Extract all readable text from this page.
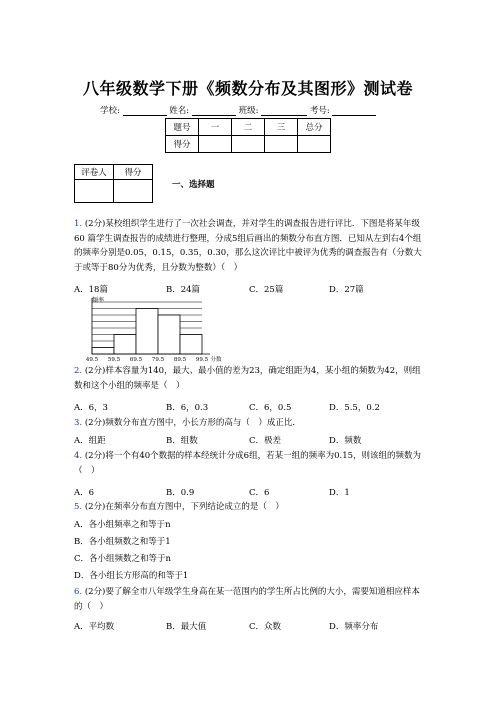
八年级数学下册《频数分布及其图形》测试卷
学校:	姓名:	班级:	考号:
题号	一	二	三	总分
得分				
评卷人	得分

一、选择题
1. (2分)某校组织学生进行了一次社会调查，并对学生的调查报告进行评比．下图是将某年级60 篇学生调查报告的成绩进行整理，分成5组后画出的频数分布直方图．已知从左到右4个组的频率分别是0.05，0.15，0.35，0.30，那么这次评比中被评为优秀的调查报告有（分数大于或等于80分为优秀，且分数为整数）（　）
A．18篇	B．24篇	C．25篇	D．27篇
频率
49.5 59.5 69.5 79.5 89.5 99.5 分数
2. (2分)样本容量为140，最大、最小值的差为23，确定组距为4，某小组的频数为42，则组数和这个小组的频率是（　）
A．6，3	B．6，0.3	C．6，0.5	D．5.5，0.2
3. (2分)频数分布直方图中，小长方形的高与（　）成正比．
A．组距	B．组数	C．极差	D．频数
4. (2分)将一个有40个数据的样本经统计分成6组，若某一组的频率为0.15，则该组的频数为（　）
A．6	B．0.9	C．6	D．1
5. (2分)在频率分布直方图中，下列结论成立的是（　）
A．各小组频率之和等于n
B．各小组频数之和等于1
C．各小组频数之和等于n
D．各小组长方形高的和等于1
6. (2分)要了解全市八年级学生身高在某一范围内的学生所占比例的大小，需要知道相应样本的（　）
A．平均数	B．最大值	C．众数	D．频率分布
